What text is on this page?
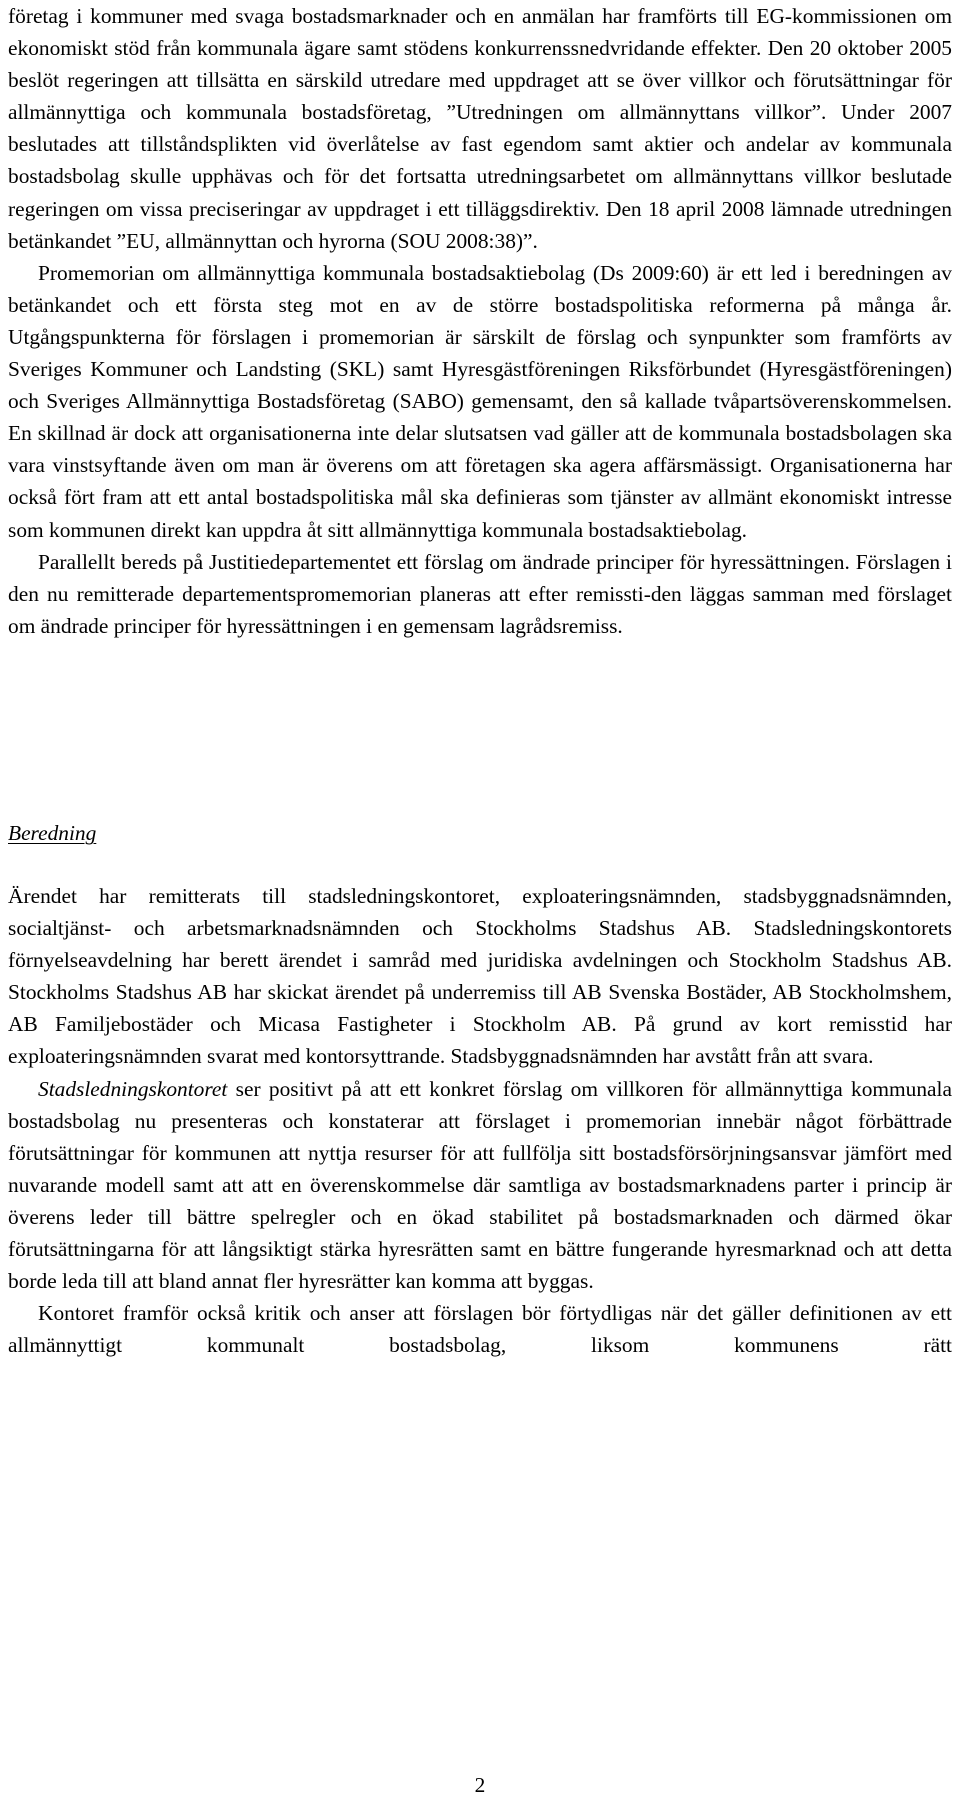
företag i kommuner med svaga bostadsmarknader och en anmälan har framförts till EG-kommissionen om ekonomiskt stöd från kommunala ägare samt stödens konkurrenssnedvridande effekter. Den 20 oktober 2005 beslöt regeringen att tillsätta en särskild utredare med uppdraget att se över villkor och förutsättningar för allmännyttiga och kommunala bostadsföretag, ”Utredningen om allmännyttans villkor”. Under 2007 beslutades att tillståndsplikten vid överlåtelse av fast egendom samt aktier och andelar av kommunala bostadsbolag skulle upphävas och för det fortsatta utredningsarbetet om allmännyttans villkor beslutade regeringen om vissa preciseringar av uppdraget i ett tilläggsdirektiv. Den 18 april 2008 lämnade utredningen betänkandet ”EU, allmännyttan och hyrorna (SOU 2008:38)”.

Promemorian om allmännyttiga kommunala bostadsaktiebolag (Ds 2009:60) är ett led i beredningen av betänkandet och ett första steg mot en av de större bostadspolitiska reformerna på många år. Utgångspunkterna för förslagen i promemorian är särskilt de förslag och synpunkter som framförts av Sveriges Kommuner och Landsting (SKL) samt Hyresgästföreningen Riksförbundet (Hyresgästföreningen) och Sveriges Allmännyttiga Bostadsföretag (SABO) gemensamt, den så kallade tvåpartsöverenskommelsen. En skillnad är dock att organisationerna inte delar slutsatsen vad gäller att de kommunala bostadsbolagen ska vara vinstsyftande även om man är överens om att företagen ska agera affärsmässigt. Organisationerna har också fört fram att ett antal bostadspolitiska mål ska definieras som tjänster av allmänt ekonomiskt intresse som kommunen direkt kan uppdra åt sitt allmännyttiga kommunala bostadsaktiebolag.

Parallellt bereds på Justitiedepartementet ett förslag om ändrade principer för hyressättningen. Förslagen i den nu remitterade departementspromemorian planeras att efter remissti-den läggas samman med förslaget om ändrade principer för hyressättningen i en gemensam lagrådsremiss.

Beredning

Ärendet har remitterats till stadsledningskontoret, exploateringsnämnden, stadsbyggnadsnämnden, socialtjänst- och arbetsmarknadsnämnden och Stockholms Stadshus AB. Stadsledningskontorets förnyelseavdelning har berett ärendet i samråd med juridiska avdelningen och Stockholm Stadshus AB. Stockholms Stadshus AB har skickat ärendet på underremiss till AB Svenska Bostäder, AB Stockholmshem, AB Familjebostäder och Micasa Fastigheter i Stockholm AB. På grund av kort remisstid har exploateringsnämnden svarat med kontorsyttrande. Stadsbyggnadsnämnden har avstått från att svara.

Stadsledningskontoret ser positivt på att ett konkret förslag om villkoren för allmännyttiga kommunala bostadsbolag nu presenteras och konstaterar att förslaget i promemorian innebär något förbättrade förutsättningar för kommunen att nyttja resurser för att fullfölja sitt bostadsförsörjningsansvar jämfört med nuvarande modell samt att att en överenskommelse där samtliga av bostadsmarknadens parter i princip är överens leder till bättre spelregler och en ökad stabilitet på bostadsmarknaden och därmed ökar förutsättningarna för att långsiktigt stärka hyresrätten samt en bättre fungerande hyresmarknad och att detta borde leda till att bland annat fler hyresrätter kan komma att byggas.

Kontoret framför också kritik och anser att förslagen bör förtydligas när det gäller definitionen av ett allmännyttigt kommunalt bostadsbolag, liksom kommunens rätt

2
